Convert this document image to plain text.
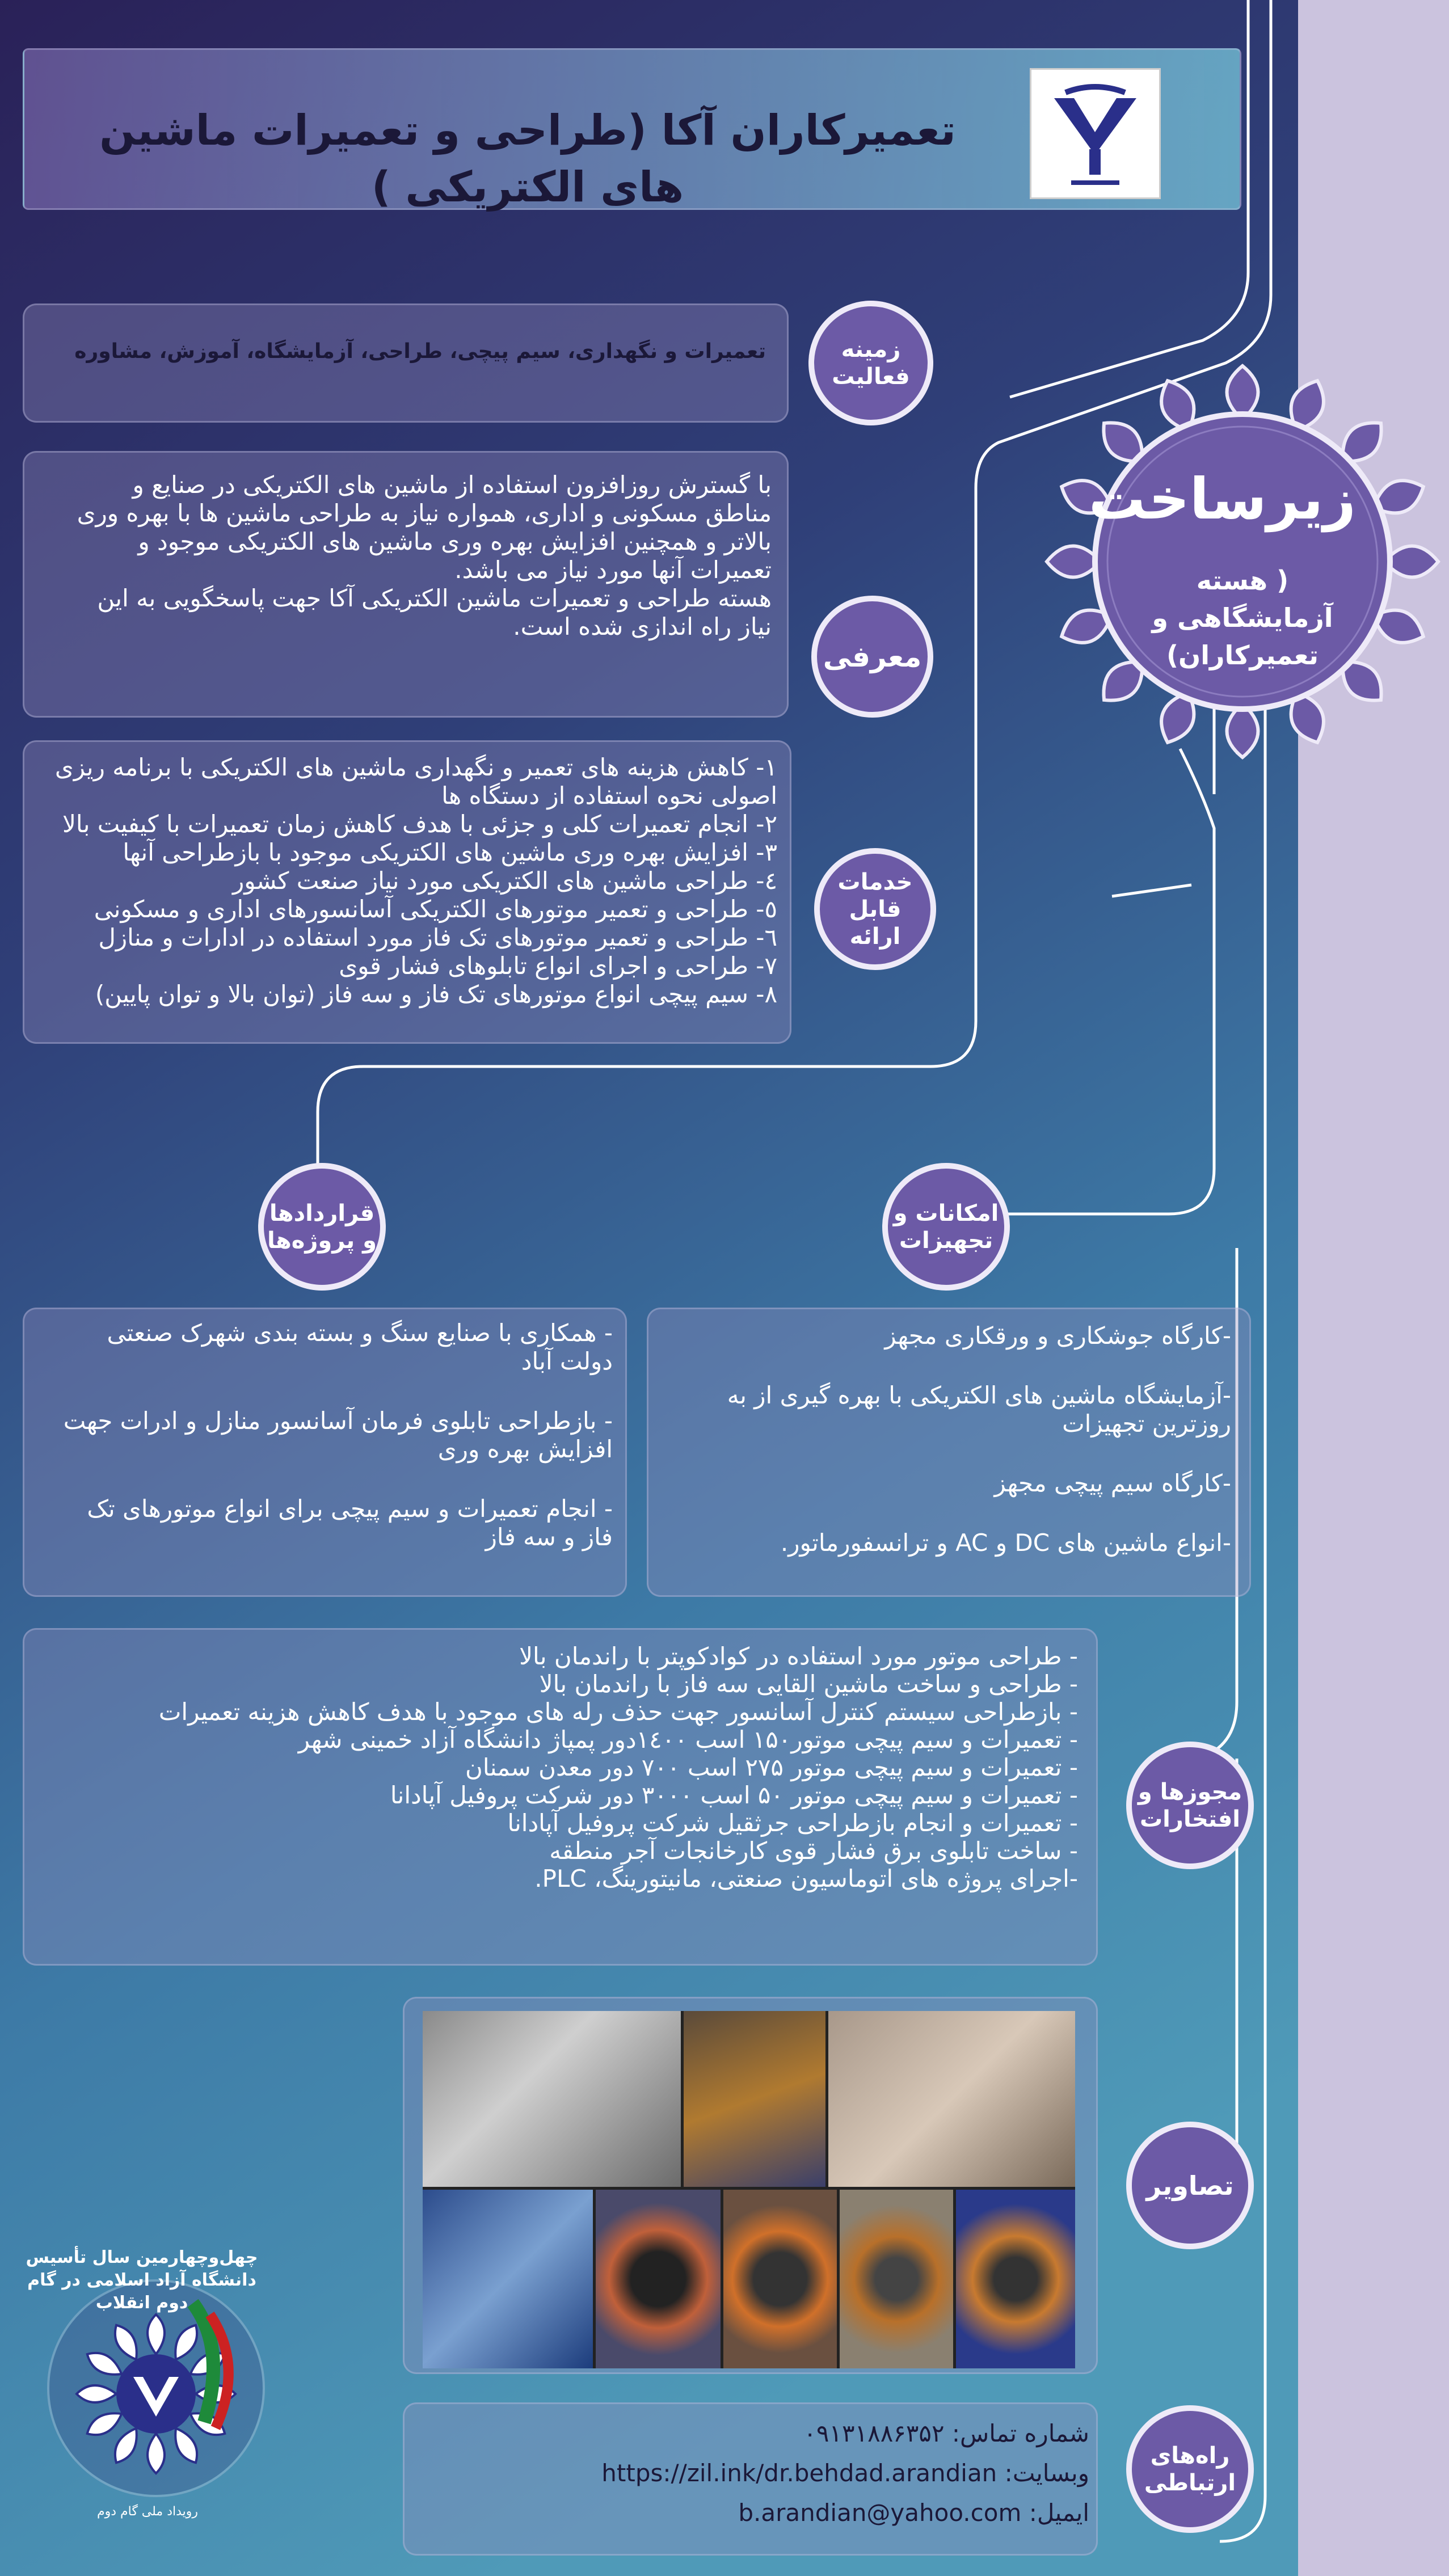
تعمیرکاران آکا (طراحی و تعمیرات ماشین های الکتریکی )
زیرساخت
( هسته آزمایشگاهی و تعمیرکاران)
تعمیرات و نگهداری، سیم پیچی، طراحی، آزمایشگاه، آموزش، مشاوره	زمینه فعالیت

با گسترش روزافزون استفاده از ماشین های الکتریکی در صنایع و مناطق مسکونی و اداری، همواره نیاز به طراحی ماشین ها با بهره وری بالاتر و همچنین افزایش بهره وری ماشین های الکتریکی موجود و تعمیرات آنها مورد نیاز می باشد.

هسته طراحی و تعمیرات ماشین الکتریکی آکا جهت پاسخگویی به این نیاز راه اندازی شده است.

معرفی

۱- کاهش هزینه های تعمیر و نگهداری ماشین های الکتریکی با برنامه ریزی اصولی نحوه استفاده از دستگاه ها

۲- انجام تعمیرات کلی و جزئی با هدف کاهش زمان تعمیرات با کیفیت بالا

۳- افزایش بهره وری ماشین های الکتریکی موجود با بازطراحی آنها

٤- طراحی ماشین های الکتریکی مورد نیاز صنعت کشور

٥- طراحی و تعمیر موتورهای الکتریکی آسانسورهای اداری و مسکونی

٦- طراحی و تعمیر موتورهای تک فاز مورد استفاده در ادارات و منازل

۷- طراحی و اجرای انواع تابلوهای فشار قوی

۸- سیم پیچی انواع موتورهای تک فاز و سه فاز (توان بالا و توان پایین)

خدمات قابل ارائه
قراردادها و پروژه‌ها
امکانات و تجهیزات

- همکاری با صنایع سنگ و بسته بندی شهرک صنعتی دولت آباد

- بازطراحی تابلوی فرمان آسانسور منازل و ادرات جهت افزایش بهره وری

- انجام تعمیرات و سیم پیچی برای انواع موتورهای تک فاز و سه فاز

-کارگاه جوشکاری و ورقکاری مجهز

-آزمایشگاه ماشین های الکتریکی با بهره گیری از به روزترین تجهیزات

-کارگاه سیم پیچی مجهز

-انواع ماشین های DC و AC و ترانسفورماتور.

- طراحی موتور مورد استفاده در کوادکوپتر با راندمان بالا

- طراحی و ساخت ماشین القایی سه فاز با راندمان بالا

- بازطراحی سیستم کنترل آسانسور جهت حذف رله های موجود با هدف کاهش هزینه تعمیرات

- تعمیرات و سیم پیچی موتور۱۵۰ اسب ۱٤۰۰دور پمپاژ دانشگاه آزاد خمینی شهر

- تعمیرات و سیم پیچی موتور ۲۷۵ اسب ۷۰۰ دور معدن سمنان

- تعمیرات و سیم پیچی موتور ۵۰ اسب ۳۰۰۰ دور شرکت پروفیل آپادانا

- تعمیرات و انجام بازطراحی جرثقیل شرکت پروفیل آپادانا

- ساخت تابلوی برق فشار قوی کارخانجات آجر منطقه

-اجرای پروژه های اتوماسیون صنعتی، مانیتورینگ، PLC.

مجوزها و افتخارات
تصاویر

شماره تماس: ۰۹۱۳۱۸۸۶۳۵۲

وبسایت: https://zil.ink/dr.behdad.arandian

ایمیل: b.arandian@yahoo.com

راه‌های ارتباطی
چهل‌وچهارمین سال تأسیس دانشگاه آزاد اسلامی در گام دوم انقلاب
رویداد ملی گام دوم
